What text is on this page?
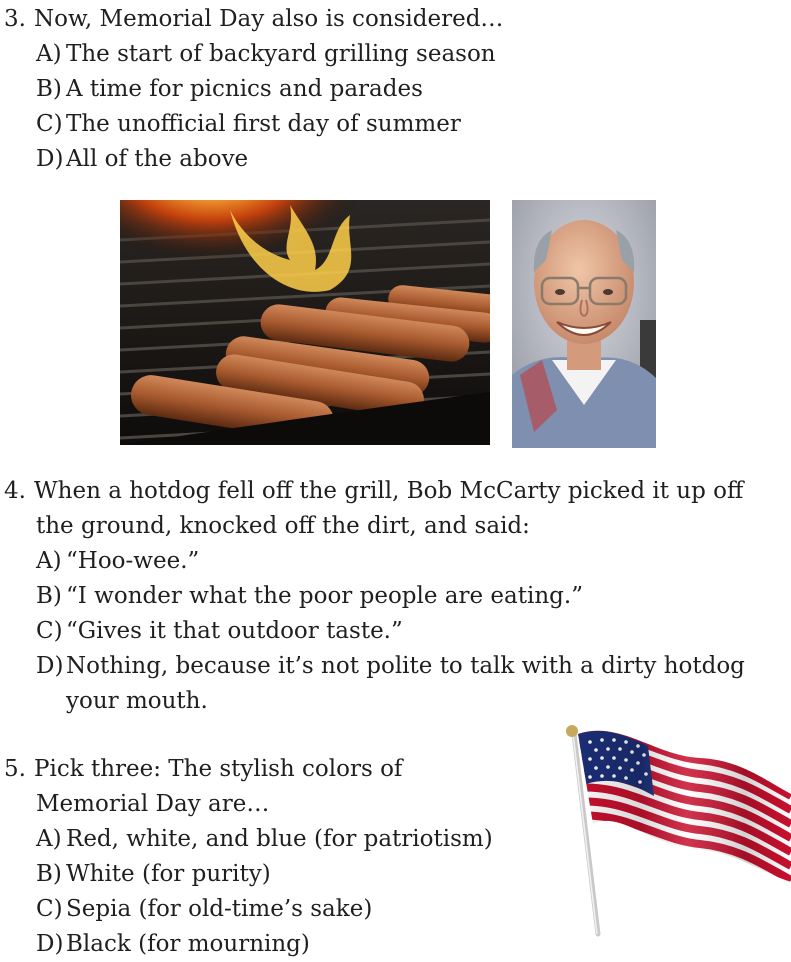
3. Now, Memorial Day also is considered…
A) The start of backyard grilling season
B) A time for picnics and parades
C) The unofficial first day of summer
D) All of the above
4. When a hotdog fell off the grill, Bob McCarty picked it up off
the ground, knocked off the dirt, and said:
A) “Hoo-wee.”
B) “I wonder what the poor people are eating.”
C) “Gives it that outdoor taste.”
D) Nothing, because it’s not polite to talk with a dirty hotdog
your mouth.
5. Pick three: The stylish colors of
Memorial Day are…
A) Red, white, and blue (for patriotism)
B) White (for purity)
C) Sepia (for old-time’s sake)
D) Black (for mourning)
